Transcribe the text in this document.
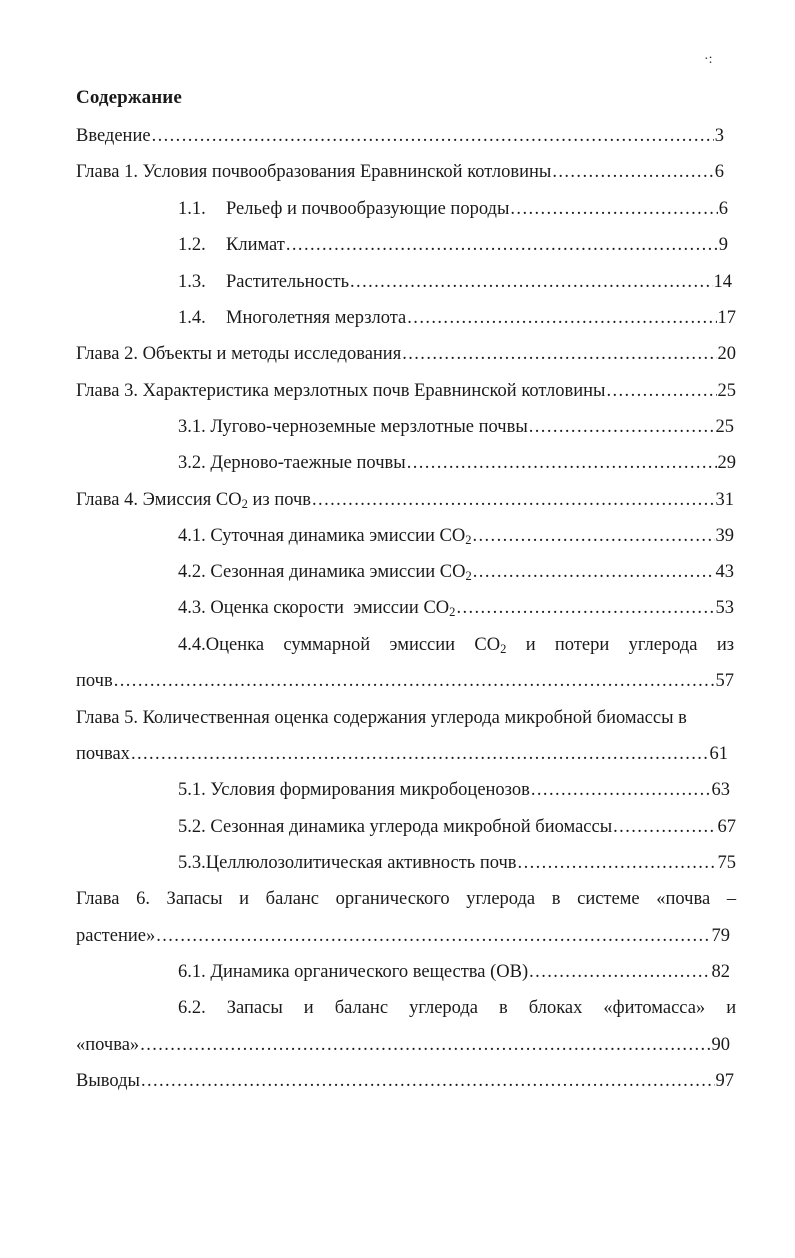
·:
Содержание
Введение .....	3
Глава 1. Условия почвообразования Еравнинской котловины .....	6
1.1. Рельеф и почвообразующие породы .....	6
1.2. Климат .....	9
1.3. Растительность .....	14
1.4. Многолетняя мерзлота .....	17
Глава 2. Объекты и методы исследования .....	20
Глава 3. Характеристика мерзлотных почв Еравнинской котловины .....	25
3.1. Лугово-черноземные мерзлотные почвы .....	25
3.2. Дерново-таежные почвы .....	29
Глава 4. Эмиссия $CO_2$ из почв .....	31
4.1. Суточная динамика эмиссии $CO_2$ .....	39
4.2. Сезонная динамика эмиссии $CO_2$ .....	43
4.3. Оценка скорости  эмиссии $CO_2$ .....	53
4.4.Оценка суммарной эмиссии $CO_2$ и потери углерода из
почв .....	57
Глава 5. Количественная оценка содержания углерода микробной биомассы в
почвах .....	61
5.1. Условия формирования микробоценозов .....	63
5.2. Сезонная динамика углерода микробной биомассы .....	67
5.3.Целлюлозолитическая активность почв .....	75
Глава 6. Запасы и баланс органического углерода в системе «почва –
растение» .....	79
6.1. Динамика органического вещества (ОВ) .....	82
6.2. Запасы и баланс углерода в блоках «фитомасса» и
«почва» .....	90
Выводы .....	97
